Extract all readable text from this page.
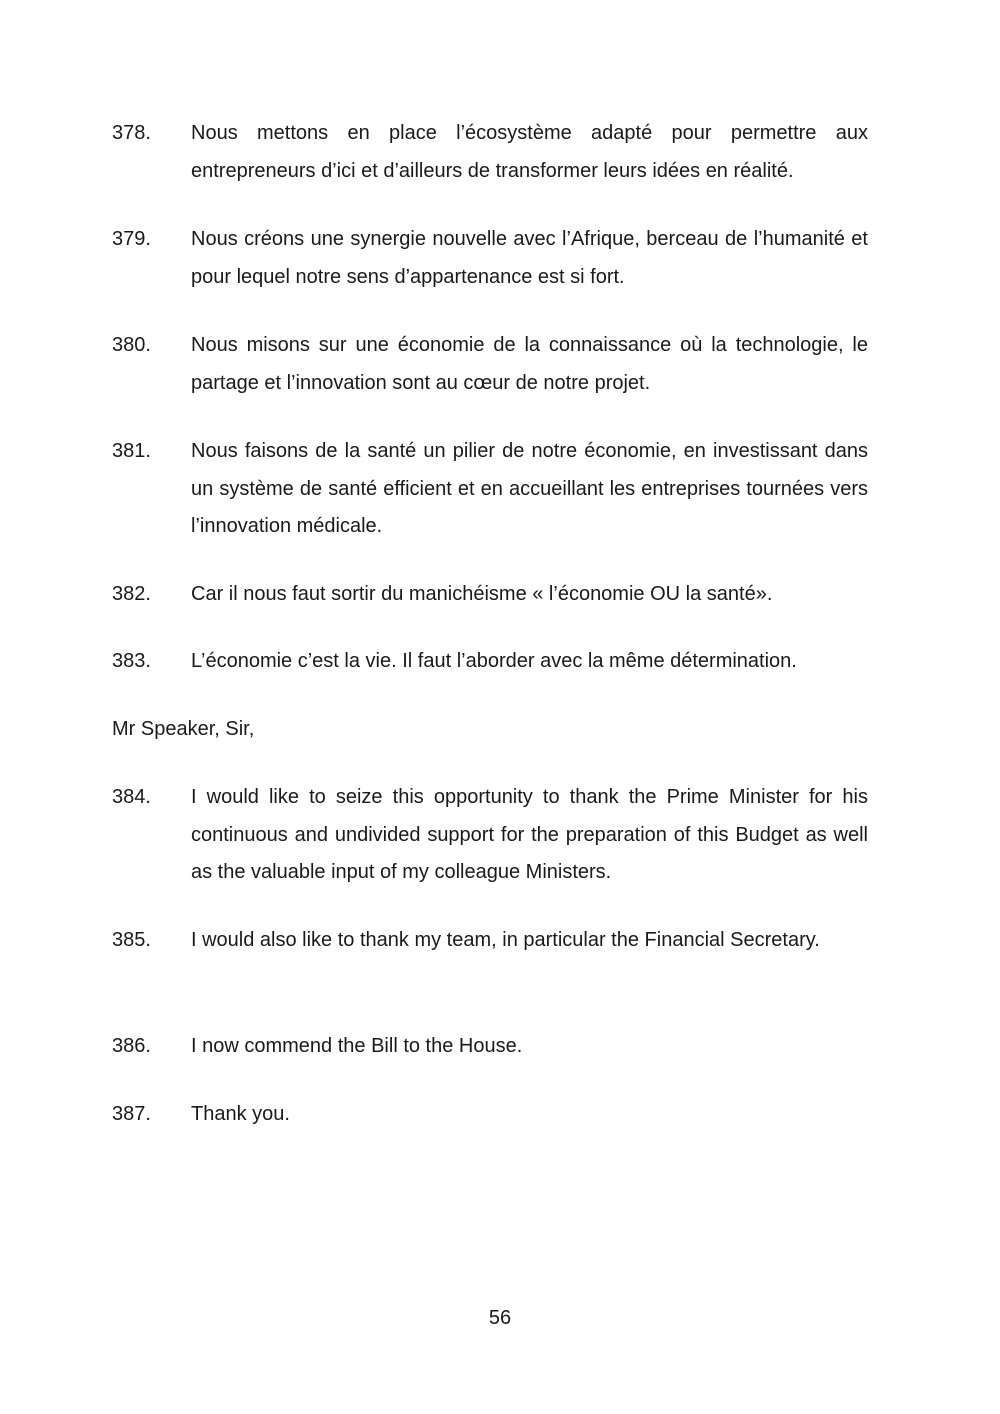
378.	Nous mettons en place l’écosystème adapté pour permettre aux entrepreneurs d’ici et d’ailleurs de transformer leurs idées en réalité.
379.	Nous créons une synergie nouvelle avec l’Afrique, berceau de l’humanité et pour lequel notre sens d’appartenance est si fort.
380.	Nous misons sur une économie de la connaissance où la technologie, le partage et l’innovation sont au cœur de notre projet.
381.	Nous faisons de la santé un pilier de notre économie, en investissant dans un système de santé efficient et en accueillant les entreprises tournées vers l’innovation médicale.
382.	Car il nous faut sortir du manichéisme « l’économie OU la santé».
383.	L’économie c’est la vie. Il faut l’aborder avec la même détermination.
Mr Speaker, Sir,
384.	I would like to seize this opportunity to thank the Prime Minister for his continuous and undivided support for the preparation of this Budget as well as the valuable input of my colleague Ministers.
385.	I would also like to thank my team, in particular the Financial Secretary.
386.	I now commend the Bill to the House.
387.	Thank you.
56
